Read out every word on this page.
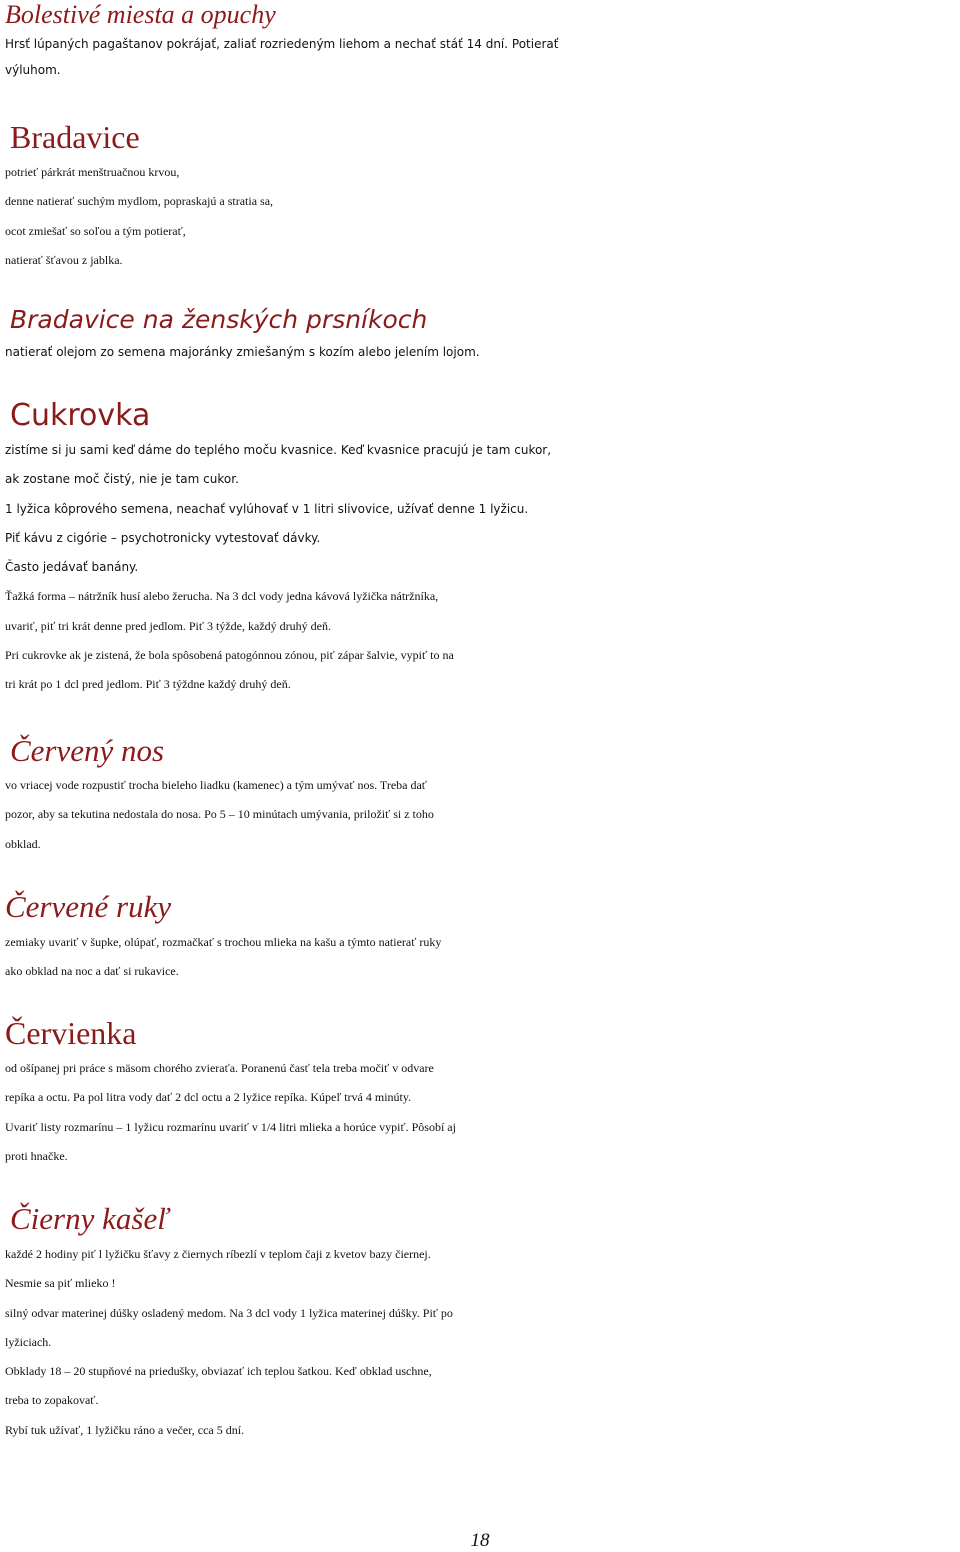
Bolestivé miesta a opuchy

Hrsť lúpaných pagaštanov pokrájať, zaliať rozriedeným liehom a nechať stáť 14 dní. Potierať

výluhom.

Bradavice

potrieť párkrát menštruačnou krvou,

denne natierať suchým mydlom, popraskajú a stratia sa,

ocot zmiešať so soľou a tým potierať,

natierať šťavou z jablka.

Bradavice na ženských prsníkoch

natierať olejom zo semena majoránky zmiešaným s kozím alebo jelením lojom.

Cukrovka

zistíme si ju sami keď dáme do teplého moču kvasnice. Keď kvasnice pracujú je tam cukor,

ak zostane moč čistý, nie je tam cukor.

1 lyžica kôprového semena, neachať vylúhovať v 1 litri slivovice, užívať denne 1 lyžicu.

Piť kávu z cigórie – psychotronicky vytestovať dávky.

Často jedávať banány.

Ťažká forma – nátržník husí alebo žerucha. Na 3 dcl vody jedna kávová lyžička nátržníka,

uvariť, piť tri krát denne pred jedlom. Piť 3 týžde, každý druhý deň.

Pri cukrovke ak je zistená, že bola spôsobená patogónnou zónou, piť zápar šalvie, vypiť to na

tri krát po 1 dcl pred jedlom. Piť 3 týždne každý druhý deň.

Červený nos

vo vriacej vode rozpustiť trocha bieleho liadku (kamenec) a tým umývať nos. Treba dať

pozor, aby sa tekutina nedostala do nosa. Po 5 – 10 minútach umývania, priložiť si z toho

obklad.

Červené ruky

zemiaky uvariť v šupke, olúpať, rozmačkať s trochou mlieka na kašu a týmto natierať ruky

ako obklad na noc a dať si rukavice.

Červienka

od ošípanej pri práce s mäsom chorého zvieraťa. Poranenú časť tela treba močiť v odvare

repíka a octu. Pa pol litra vody dať 2 dcl octu a 2 lyžice repíka. Kúpeľ trvá 4 minúty.

Uvariť listy rozmarínu – 1 lyžicu rozmarínu uvariť v 1/4 litri mlieka a horúce vypiť. Pôsobí aj

proti hnačke.

Čierny kašeľ

každé 2 hodiny piť l lyžičku šťavy z čiernych ríbezlí v teplom čaji z kvetov bazy čiernej.

Nesmie sa piť mlieko !

silný odvar materinej dúšky osladený medom. Na 3 dcl vody 1 lyžica materinej dúšky. Piť po

lyžiciach.

Obklady 18 – 20 stupňové na priedušky, obviazať ich teplou šatkou. Keď obklad uschne,

treba to zopakovať.

Rybí tuk užívať, 1 lyžičku ráno a večer, cca 5 dní.

18
